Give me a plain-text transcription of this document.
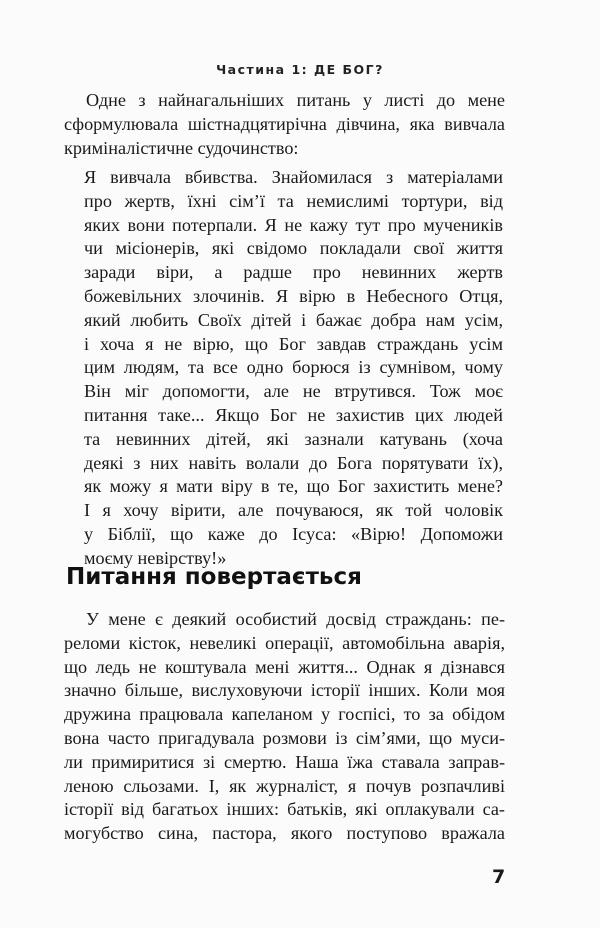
Частина 1: ДЕ БОГ?
Одне з найнагальніших питань у листі до мене
сформулювала шістнадцятирічна дівчина, яка вивчала
криміналістичне судочинство:
Я вивчала вбивства. Знайомилася з матеріалами
про жертв, їхні сім’ї та немислимі тортури, від
яких вони потерпали. Я не кажу тут про мучеників
чи місіонерів, які свідомо покладали свої життя
заради віри, а радше про невинних жертв
божевільних злочинів. Я вірю в Небесного Отця,
який любить Своїх дітей і бажає добра нам усім,
і хоча я не вірю, що Бог завдав страждань усім
цим людям, та все одно борюся із сумнівом, чому
Він міг допомогти, але не втрутився. Тож моє
питання таке... Якщо Бог не захистив цих людей
та невинних дітей, які зазнали катувань (хоча
деякі з них навіть волали до Бога порятувати їх),
як можу я мати віру в те, що Бог захистить мене?
І я хочу вірити, але почуваюся, як той чоловік
у Біблії, що каже до Ісуса: «Вірю! Допоможи
моєму невірству!»
Питання повертається
У мене є деякий особистий досвід страждань: пе-
реломи кісток, невеликі операції, автомобільна аварія,
що ледь не коштувала мені життя... Однак я дізнався
значно більше, вислуховуючи історії інших. Коли моя
дружина працювала капеланом у госпісі, то за обідом
вона часто пригадувала розмови із сім’ями, що муси-
ли примиритися зі смертю. Наша їжа ставала заправ-
леною сльозами. І, як журналіст, я почув розпачливі
історії від багатьох інших: батьків, які оплакували са-
могубство сина, пастора, якого поступово вражала
7
